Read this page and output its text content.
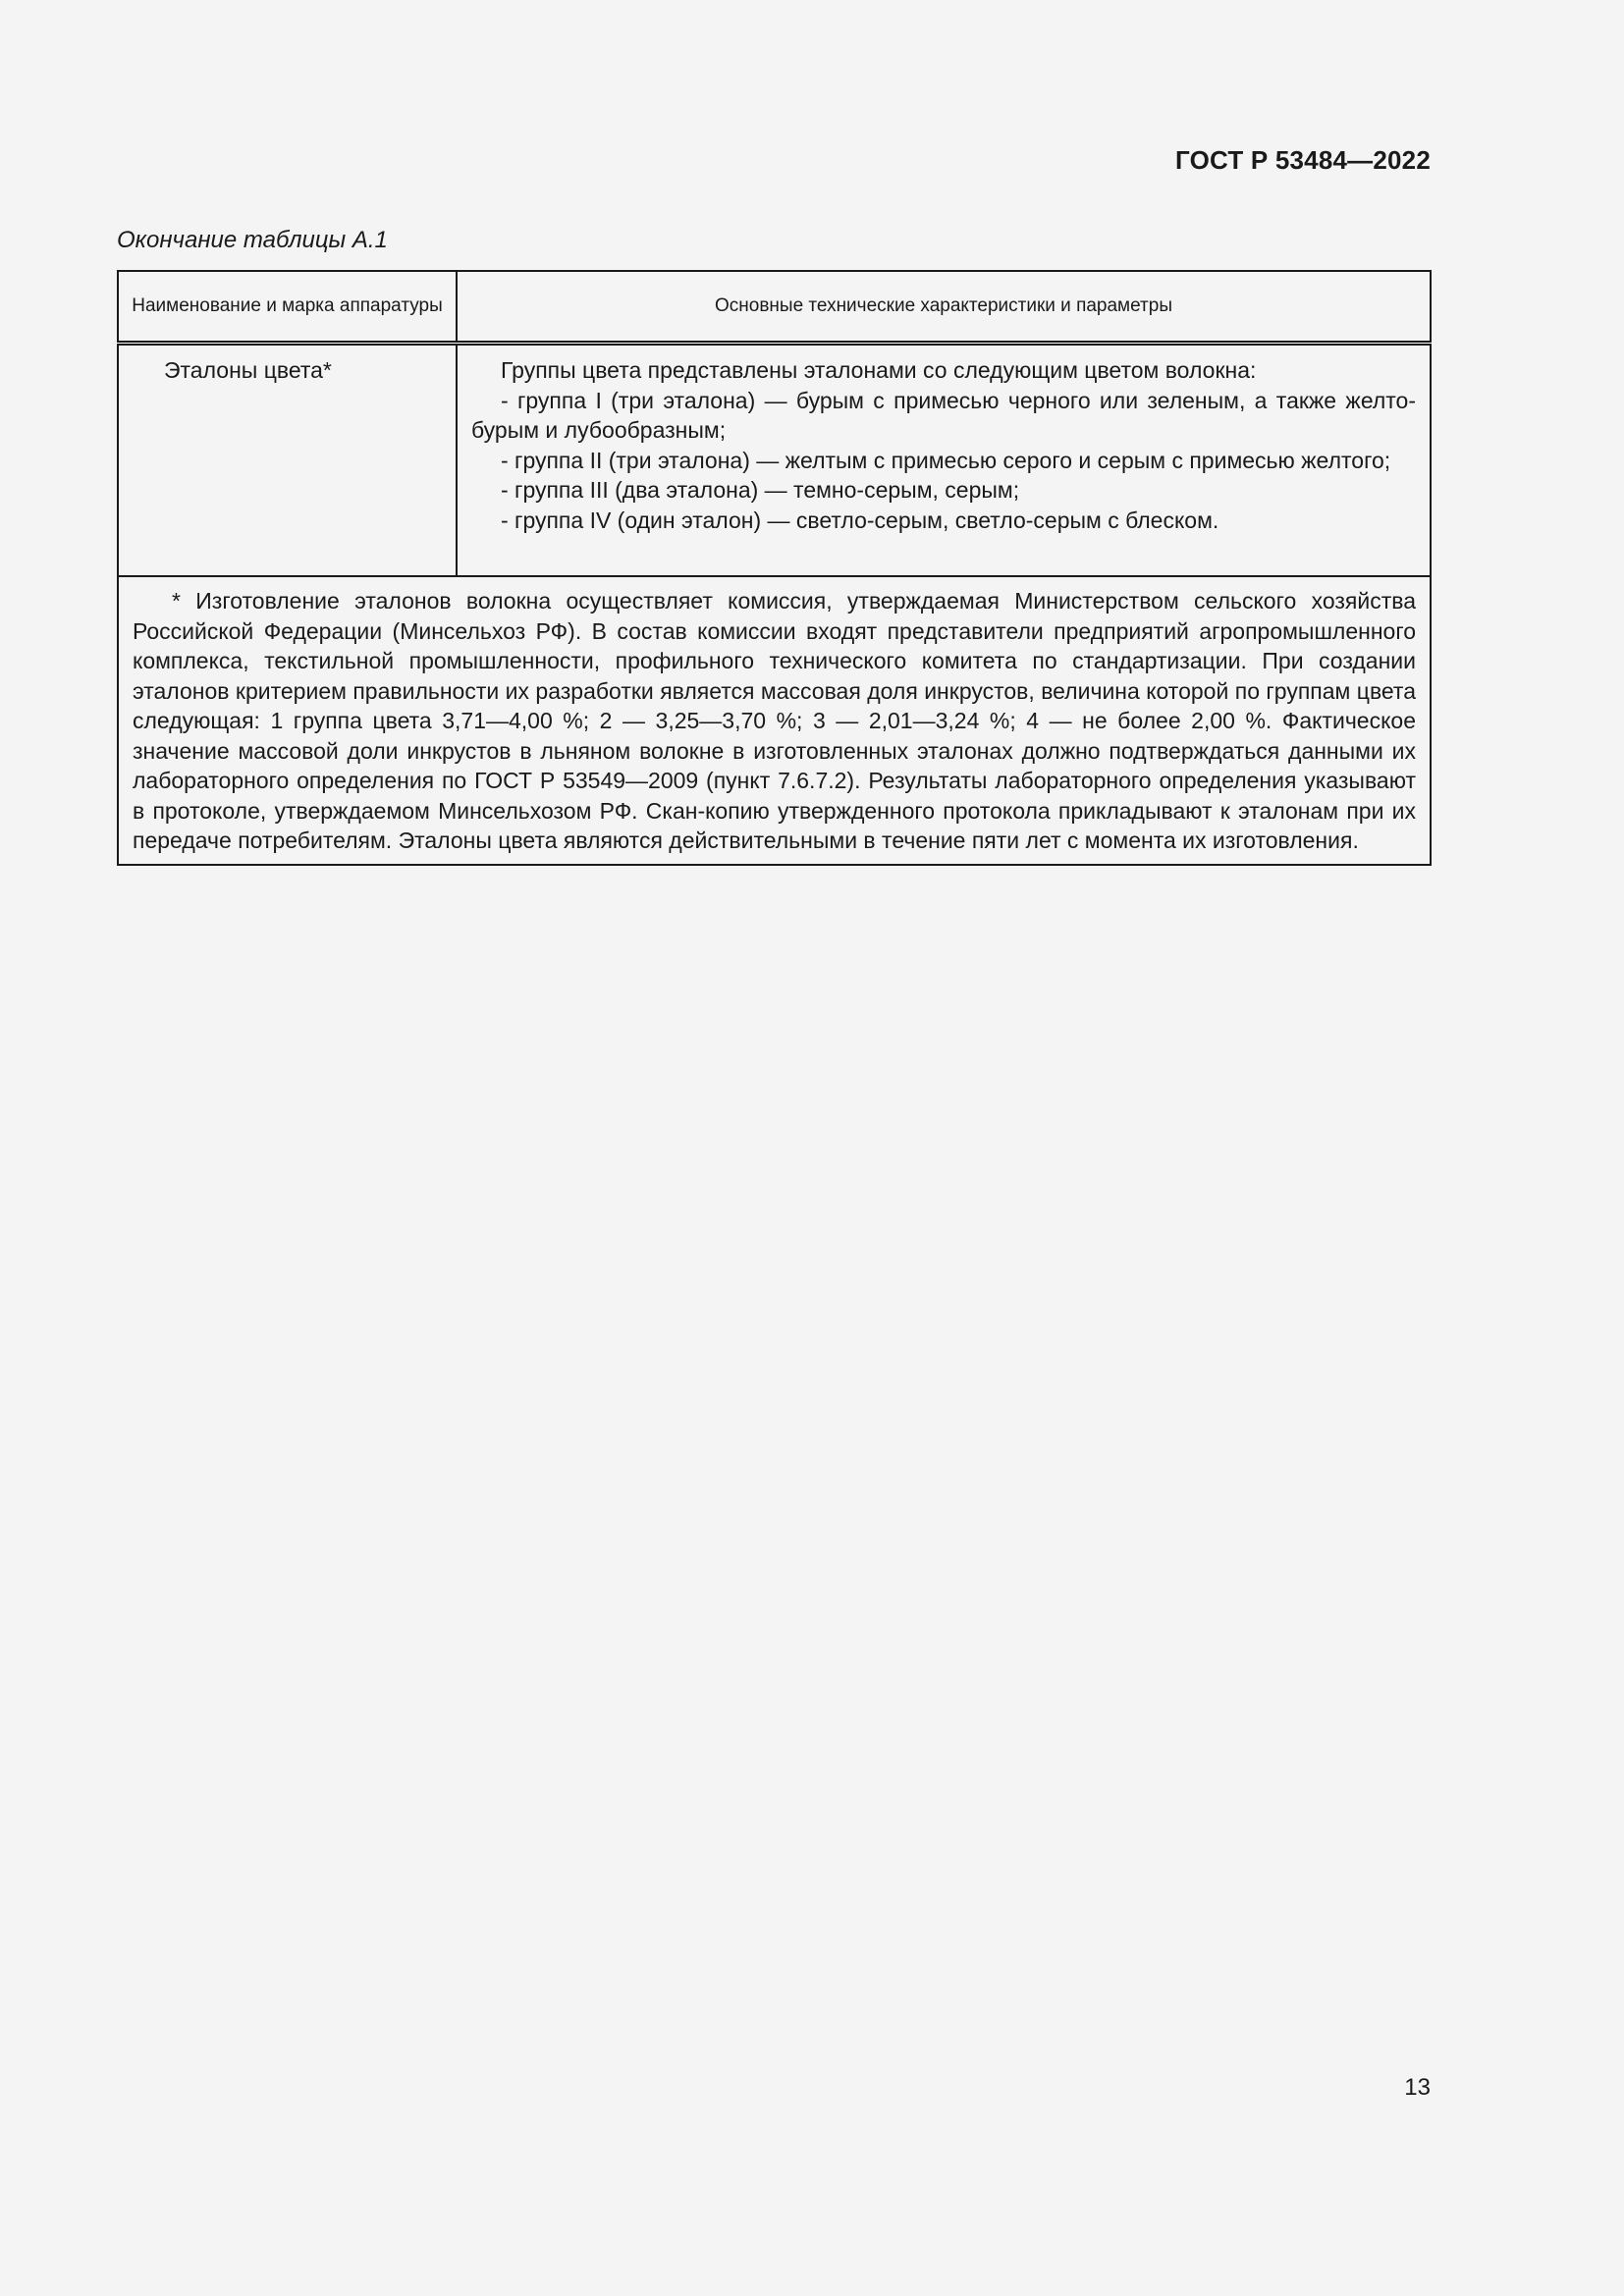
ГОСТ Р 53484—2022
Окончание таблицы А.1
Наименование и марка аппаратуры	Основные технические характеристики и параметры

Эталоны цвета*	Группы цвета представлены эталонами со следующим цветом волокна:

- группа I (три эталона) — бурым с примесью черного или зеленым, а также желто-бурым и лубообразным;

- группа II (три эталона) — желтым с примесью серого и серым с примесью желтого;

- группа III (два эталона) — темно-серым, серым;

- группа IV (один эталон) — светло-серым, светло-серым с блеском.

* Изготовление эталонов волокна осуществляет комиссия, утверждаемая Министерством сельского хозяйства Российской Федерации (Минсельхоз РФ). В состав комиссии входят представители предприятий агропромышленного комплекса, текстильной промышленности, профильного технического комитета по стандартизации. При создании эталонов критерием правильности их разработки является массовая доля инкрустов, величина которой по группам цвета следующая: 1 группа цвета 3,71—4,00 %; 2 — 3,25—3,70 %; 3 — 2,01—3,24 %; 4 — не более 2,00 %. Фактическое значение массовой доли инкрустов в льняном волокне в изготовленных эталонах должно подтверждаться данными их лабораторного определения по ГОСТ Р 53549—2009 (пункт 7.6.7.2). Результаты лабораторного определения указывают в протоколе, утверждаемом Минсельхозом РФ. Скан-копию утвержденного протокола прикладывают к эталонам при их передаче потребителям. Эталоны цвета являются действительными в течение пяти лет с момента их изготовления.	

13
